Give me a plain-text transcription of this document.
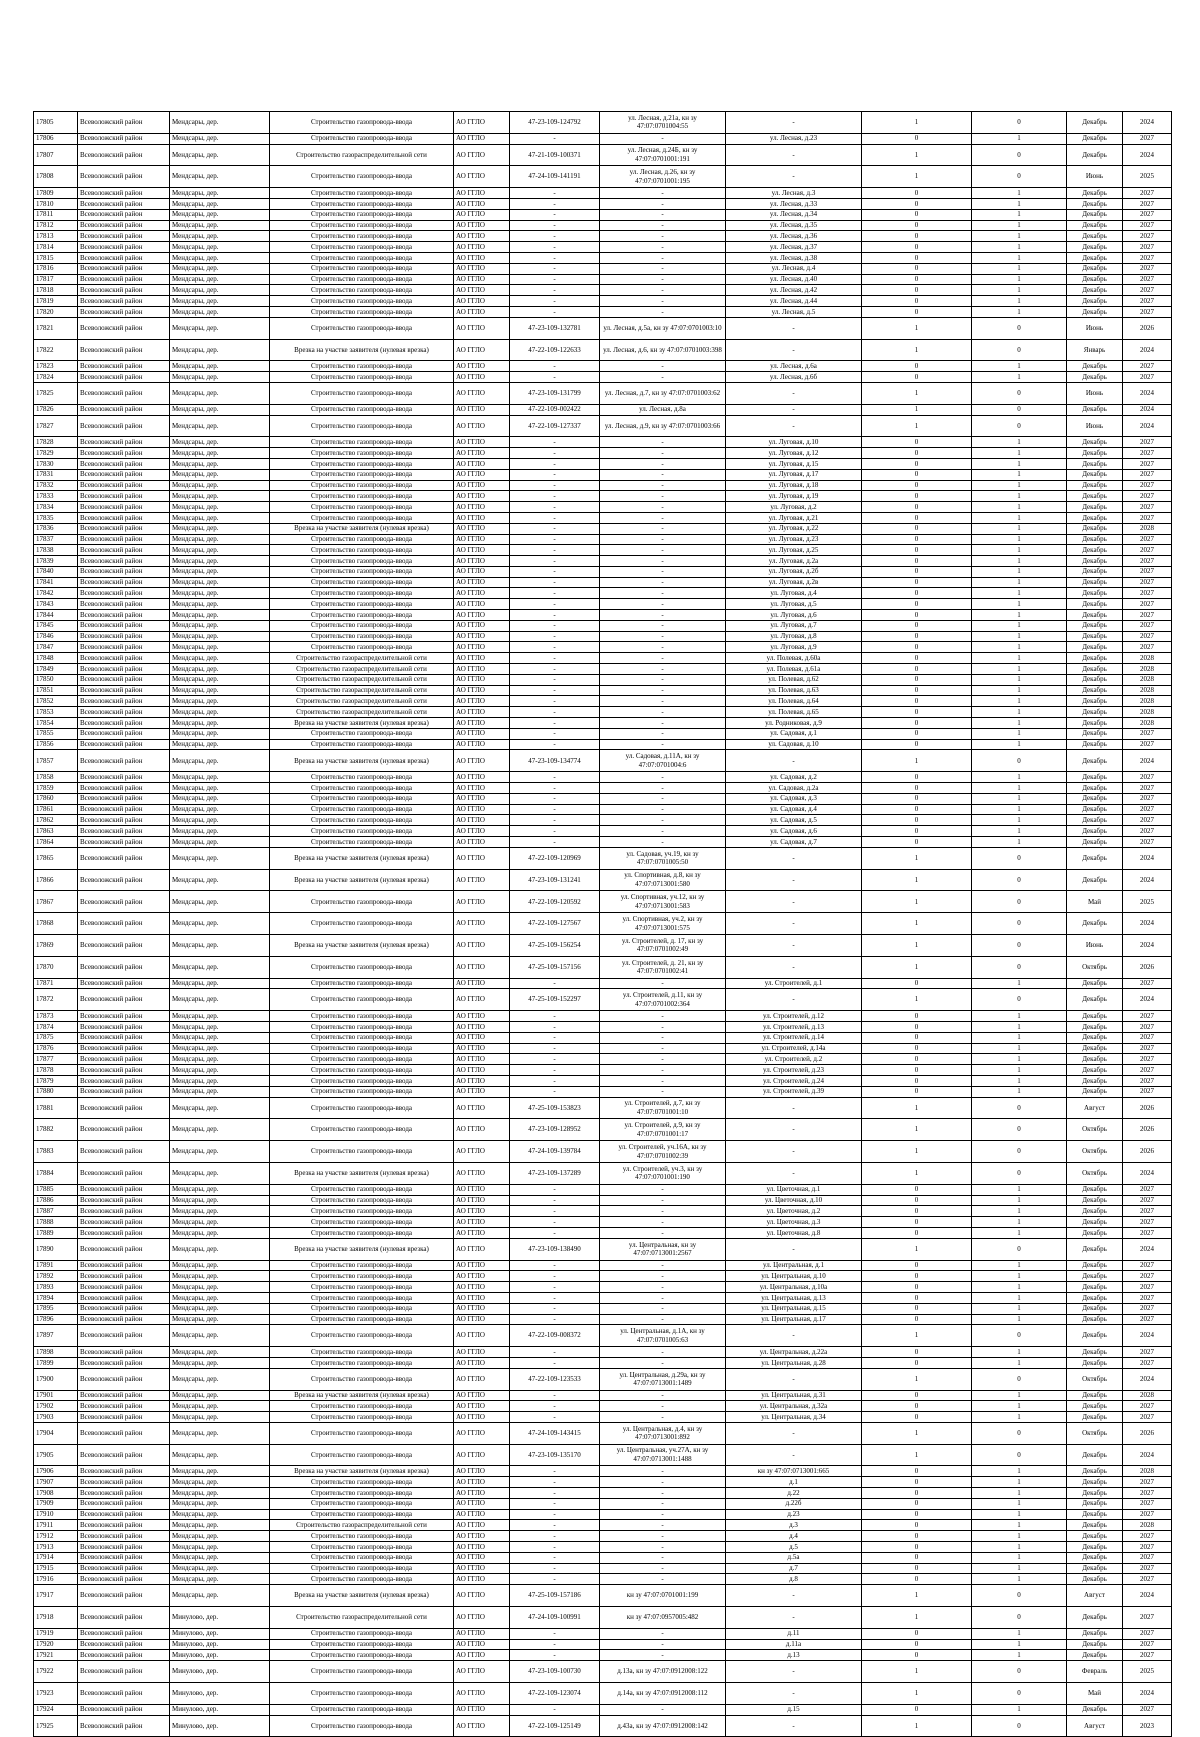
17805	Всеволожский район	Мендсары, дер.	Строительство газопровода-ввода	АО ГГЛО	47-23-109-124792	ул. Лесная, д.21а, кн зу 47:07:0701004:55	-	1	0	Декабрь	2024
17806	Всеволожский район	Мендсары, дер.	Строительство газопровода-ввода	АО ГГЛО	-	-	ул. Лесная, д.23	0	1	Декабрь	2027
17807	Всеволожский район	Мендсары, дер.	Строительство газораспределительной сети	АО ГГЛО	47-21-109-100371	ул. Лесная, д.24Б, кн зу 47:07:0701001:191	-	1	0	Декабрь	2024
17808	Всеволожский район	Мендсары, дер.	Строительство газопровода-ввода	АО ГГЛО	47-24-109-141191	ул. Лесная, д.26, кн зу 47:07:0701001:195	-	1	0	Июнь	2025
17809	Всеволожский район	Мендсары, дер.	Строительство газопровода-ввода	АО ГГЛО	-	-	ул. Лесная, д.3	0	1	Декабрь	2027
17810	Всеволожский район	Мендсары, дер.	Строительство газопровода-ввода	АО ГГЛО	-	-	ул. Лесная, д.33	0	1	Декабрь	2027
17811	Всеволожский район	Мендсары, дер.	Строительство газопровода-ввода	АО ГГЛО	-	-	ул. Лесная, д.34	0	1	Декабрь	2027
17812	Всеволожский район	Мендсары, дер.	Строительство газопровода-ввода	АО ГГЛО	-	-	ул. Лесная, д.35	0	1	Декабрь	2027
17813	Всеволожский район	Мендсары, дер.	Строительство газопровода-ввода	АО ГГЛО	-	-	ул. Лесная, д.36	0	1	Декабрь	2027
17814	Всеволожский район	Мендсары, дер.	Строительство газопровода-ввода	АО ГГЛО	-	-	ул. Лесная, д.37	0	1	Декабрь	2027
17815	Всеволожский район	Мендсары, дер.	Строительство газопровода-ввода	АО ГГЛО	-	-	ул. Лесная, д.38	0	1	Декабрь	2027
17816	Всеволожский район	Мендсары, дер.	Строительство газопровода-ввода	АО ГГЛО	-	-	ул. Лесная, д.4	0	1	Декабрь	2027
17817	Всеволожский район	Мендсары, дер.	Строительство газопровода-ввода	АО ГГЛО	-	-	ул. Лесная, д.40	0	1	Декабрь	2027
17818	Всеволожский район	Мендсары, дер.	Строительство газопровода-ввода	АО ГГЛО	-	-	ул. Лесная, д.42	0	1	Декабрь	2027
17819	Всеволожский район	Мендсары, дер.	Строительство газопровода-ввода	АО ГГЛО	-	-	ул. Лесная, д.44	0	1	Декабрь	2027
17820	Всеволожский район	Мендсары, дер.	Строительство газопровода-ввода	АО ГГЛО	-	-	ул. Лесная, д.5	0	1	Декабрь	2027
17821	Всеволожский район	Мендсары, дер.	Строительство газопровода-ввода	АО ГГЛО	47-23-109-132781	ул. Лесная, д.5а, кн зу 47:07:0701003:10	-	1	0	Июнь	2026
17822	Всеволожский район	Мендсары, дер.	Врезка на участке заявителя (нулевая врезка)	АО ГГЛО	47-22-109-122633	ул. Лесная, д.6, кн зу 47:07:0701003:398	-	1	0	Январь	2024
17823	Всеволожский район	Мендсары, дер.	Строительство газопровода-ввода	АО ГГЛО	-	-	ул. Лесная, д.6а	0	1	Декабрь	2027
17824	Всеволожский район	Мендсары, дер.	Строительство газопровода-ввода	АО ГГЛО	-	-	ул. Лесная, д.6б	0	1	Декабрь	2027
17825	Всеволожский район	Мендсары, дер.	Строительство газопровода-ввода	АО ГГЛО	47-23-109-131799	ул. Лесная, д.7, кн зу 47:07:0701003:62	-	1	0	Июнь	2024
17826	Всеволожский район	Мендсары, дер.	Строительство газопровода-ввода	АО ГГЛО	47-22-109-002422	ул. Лесная, д.8а	-	1	0	Декабрь	2024
17827	Всеволожский район	Мендсары, дер.	Строительство газопровода-ввода	АО ГГЛО	47-22-109-127337	ул. Лесная, д.9, кн зу 47:07:0701003:66	-	1	0	Июнь	2024
17828	Всеволожский район	Мендсары, дер.	Строительство газопровода-ввода	АО ГГЛО	-	-	ул. Луговая, д.10	0	1	Декабрь	2027
17829	Всеволожский район	Мендсары, дер.	Строительство газопровода-ввода	АО ГГЛО	-	-	ул. Луговая, д.12	0	1	Декабрь	2027
17830	Всеволожский район	Мендсары, дер.	Строительство газопровода-ввода	АО ГГЛО	-	-	ул. Луговая, д.15	0	1	Декабрь	2027
17831	Всеволожский район	Мендсары, дер.	Строительство газопровода-ввода	АО ГГЛО	-	-	ул. Луговая, д.17	0	1	Декабрь	2027
17832	Всеволожский район	Мендсары, дер.	Строительство газопровода-ввода	АО ГГЛО	-	-	ул. Луговая, д.18	0	1	Декабрь	2027
17833	Всеволожский район	Мендсары, дер.	Строительство газопровода-ввода	АО ГГЛО	-	-	ул. Луговая, д.19	0	1	Декабрь	2027
17834	Всеволожский район	Мендсары, дер.	Строительство газопровода-ввода	АО ГГЛО	-	-	ул. Луговая, д.2	0	1	Декабрь	2027
17835	Всеволожский район	Мендсары, дер.	Строительство газопровода-ввода	АО ГГЛО	-	-	ул. Луговая, д.21	0	1	Декабрь	2027
17836	Всеволожский район	Мендсары, дер.	Врезка на участке заявителя (нулевая врезка)	АО ГГЛО	-	-	ул. Луговая, д.22	0	1	Декабрь	2028
17837	Всеволожский район	Мендсары, дер.	Строительство газопровода-ввода	АО ГГЛО	-	-	ул. Луговая, д.23	0	1	Декабрь	2027
17838	Всеволожский район	Мендсары, дер.	Строительство газопровода-ввода	АО ГГЛО	-	-	ул. Луговая, д.25	0	1	Декабрь	2027
17839	Всеволожский район	Мендсары, дер.	Строительство газопровода-ввода	АО ГГЛО	-	-	ул. Луговая, д.2а	0	1	Декабрь	2027
17840	Всеволожский район	Мендсары, дер.	Строительство газопровода-ввода	АО ГГЛО	-	-	ул. Луговая, д.2б	0	1	Декабрь	2027
17841	Всеволожский район	Мендсары, дер.	Строительство газопровода-ввода	АО ГГЛО	-	-	ул. Луговая, д.2в	0	1	Декабрь	2027
17842	Всеволожский район	Мендсары, дер.	Строительство газопровода-ввода	АО ГГЛО	-	-	ул. Луговая, д.4	0	1	Декабрь	2027
17843	Всеволожский район	Мендсары, дер.	Строительство газопровода-ввода	АО ГГЛО	-	-	ул. Луговая, д.5	0	1	Декабрь	2027
17844	Всеволожский район	Мендсары, дер.	Строительство газопровода-ввода	АО ГГЛО	-	-	ул. Луговая, д.6	0	1	Декабрь	2027
17845	Всеволожский район	Мендсары, дер.	Строительство газопровода-ввода	АО ГГЛО	-	-	ул. Луговая, д.7	0	1	Декабрь	2027
17846	Всеволожский район	Мендсары, дер.	Строительство газопровода-ввода	АО ГГЛО	-	-	ул. Луговая, д.8	0	1	Декабрь	2027
17847	Всеволожский район	Мендсары, дер.	Строительство газопровода-ввода	АО ГГЛО	-	-	ул. Луговая, д.9	0	1	Декабрь	2027
17848	Всеволожский район	Мендсары, дер.	Строительство газораспределительной сети	АО ГГЛО	-	-	ул. Полевая, д.60а	0	1	Декабрь	2028
17849	Всеволожский район	Мендсары, дер.	Строительство газораспределительной сети	АО ГГЛО	-	-	ул. Полевая, д.61а	0	1	Декабрь	2028
17850	Всеволожский район	Мендсары, дер.	Строительство газораспределительной сети	АО ГГЛО	-	-	ул. Полевая, д.62	0	1	Декабрь	2028
17851	Всеволожский район	Мендсары, дер.	Строительство газораспределительной сети	АО ГГЛО	-	-	ул. Полевая, д.63	0	1	Декабрь	2028
17852	Всеволожский район	Мендсары, дер.	Строительство газораспределительной сети	АО ГГЛО	-	-	ул. Полевая, д.64	0	1	Декабрь	2028
17853	Всеволожский район	Мендсары, дер.	Строительство газораспределительной сети	АО ГГЛО	-	-	ул. Полевая, д.65	0	1	Декабрь	2028
17854	Всеволожский район	Мендсары, дер.	Врезка на участке заявителя (нулевая врезка)	АО ГГЛО	-	-	ул. Родниковая, д.9	0	1	Декабрь	2028
17855	Всеволожский район	Мендсары, дер.	Строительство газопровода-ввода	АО ГГЛО	-	-	ул. Садовая, д.1	0	1	Декабрь	2027
17856	Всеволожский район	Мендсары, дер.	Строительство газопровода-ввода	АО ГГЛО	-	-	ул. Садовая, д.10	0	1	Декабрь	2027
17857	Всеволожский район	Мендсары, дер.	Врезка на участке заявителя (нулевая врезка)	АО ГГЛО	47-23-109-134774	ул. Садовая, д.11А, кн зу 47:07:0701004:6	-	1	0	Декабрь	2024
17858	Всеволожский район	Мендсары, дер.	Строительство газопровода-ввода	АО ГГЛО	-	-	ул. Садовая, д.2	0	1	Декабрь	2027
17859	Всеволожский район	Мендсары, дер.	Строительство газопровода-ввода	АО ГГЛО	-	-	ул. Садовая, д.2а	0	1	Декабрь	2027
17860	Всеволожский район	Мендсары, дер.	Строительство газопровода-ввода	АО ГГЛО	-	-	ул. Садовая, д.3	0	1	Декабрь	2027
17861	Всеволожский район	Мендсары, дер.	Строительство газопровода-ввода	АО ГГЛО	-	-	ул. Садовая, д.4	0	1	Декабрь	2027
17862	Всеволожский район	Мендсары, дер.	Строительство газопровода-ввода	АО ГГЛО	-	-	ул. Садовая, д.5	0	1	Декабрь	2027
17863	Всеволожский район	Мендсары, дер.	Строительство газопровода-ввода	АО ГГЛО	-	-	ул. Садовая, д.6	0	1	Декабрь	2027
17864	Всеволожский район	Мендсары, дер.	Строительство газопровода-ввода	АО ГГЛО	-	-	ул. Садовая, д.7	0	1	Декабрь	2027
17865	Всеволожский район	Мендсары, дер.	Врезка на участке заявителя (нулевая врезка)	АО ГГЛО	47-22-109-120969	ул. Садовая, уч.19, кн зу 47:07:0701005:50	-	1	0	Декабрь	2024
17866	Всеволожский район	Мендсары, дер.	Врезка на участке заявителя (нулевая врезка)	АО ГГЛО	47-23-109-131241	ул. Спортивная, д.8, кн зу 47:07:0713001:580	-	1	0	Декабрь	2024
17867	Всеволожский район	Мендсары, дер.	Строительство газопровода-ввода	АО ГГЛО	47-22-109-120592	ул. Спортивная, уч.12, кн зу 47:07:0713001:583	-	1	0	Май	2025
17868	Всеволожский район	Мендсары, дер.	Строительство газопровода-ввода	АО ГГЛО	47-22-109-127567	ул. Спортивная, уч.2, кн зу 47:07:0713001:575	-	1	0	Декабрь	2024
17869	Всеволожский район	Мендсары, дер.	Врезка на участке заявителя (нулевая врезка)	АО ГГЛО	47-25-109-156254	ул. Строителей, д. 17, кн зу 47:07:0701002:49	-	1	0	Июнь	2024
17870	Всеволожский район	Мендсары, дер.	Строительство газопровода-ввода	АО ГГЛО	47-25-109-157156	ул. Строителей, д. 21, кн зу 47:07:0701002:41	-	1	0	Октябрь	2026
17871	Всеволожский район	Мендсары, дер.	Строительство газопровода-ввода	АО ГГЛО	-	-	ул. Строителей, д.1	0	1	Декабрь	2027
17872	Всеволожский район	Мендсары, дер.	Строительство газопровода-ввода	АО ГГЛО	47-25-109-152297	ул. Строителей, д.11, кн зу 47:07:0701002:364	-	1	0	Декабрь	2024
17873	Всеволожский район	Мендсары, дер.	Строительство газопровода-ввода	АО ГГЛО	-	-	ул. Строителей, д.12	0	1	Декабрь	2027
17874	Всеволожский район	Мендсары, дер.	Строительство газопровода-ввода	АО ГГЛО	-	-	ул. Строителей, д.13	0	1	Декабрь	2027
17875	Всеволожский район	Мендсары, дер.	Строительство газопровода-ввода	АО ГГЛО	-	-	ул. Строителей, д.14	0	1	Декабрь	2027
17876	Всеволожский район	Мендсары, дер.	Строительство газопровода-ввода	АО ГГЛО	-	-	ул. Строителей, д.14а	0	1	Декабрь	2027
17877	Всеволожский район	Мендсары, дер.	Строительство газопровода-ввода	АО ГГЛО	-	-	ул. Строителей, д.2	0	1	Декабрь	2027
17878	Всеволожский район	Мендсары, дер.	Строительство газопровода-ввода	АО ГГЛО	-	-	ул. Строителей, д.23	0	1	Декабрь	2027
17879	Всеволожский район	Мендсары, дер.	Строительство газопровода-ввода	АО ГГЛО	-	-	ул. Строителей, д.24	0	1	Декабрь	2027
17880	Всеволожский район	Мендсары, дер.	Строительство газопровода-ввода	АО ГГЛО	-	-	ул. Строителей, д.39	0	1	Декабрь	2027
17881	Всеволожский район	Мендсары, дер.	Строительство газопровода-ввода	АО ГГЛО	47-25-109-153823	ул. Строителей, д.7, кн зу 47:07:0701001:10	-	1	0	Август	2026
17882	Всеволожский район	Мендсары, дер.	Строительство газопровода-ввода	АО ГГЛО	47-23-109-128952	ул. Строителей, д.9, кн зу 47:07:0701001:17	-	1	0	Октябрь	2026
17883	Всеволожский район	Мендсары, дер.	Строительство газопровода-ввода	АО ГГЛО	47-24-109-139784	ул. Строителей, уч.16А, кн зу 47:07:0701002:39	-	1	0	Октябрь	2026
17884	Всеволожский район	Мендсары, дер.	Врезка на участке заявителя (нулевая врезка)	АО ГГЛО	47-23-109-137289	ул. Строителей, уч.3, кн зу 47:07:0701001:190	-	1	0	Октябрь	2024
17885	Всеволожский район	Мендсары, дер.	Строительство газопровода-ввода	АО ГГЛО	-	-	ул. Цветочная, д.1	0	1	Декабрь	2027
17886	Всеволожский район	Мендсары, дер.	Строительство газопровода-ввода	АО ГГЛО	-	-	ул. Цветочная, д.10	0	1	Декабрь	2027
17887	Всеволожский район	Мендсары, дер.	Строительство газопровода-ввода	АО ГГЛО	-	-	ул. Цветочная, д.2	0	1	Декабрь	2027
17888	Всеволожский район	Мендсары, дер.	Строительство газопровода-ввода	АО ГГЛО	-	-	ул. Цветочная, д.3	0	1	Декабрь	2027
17889	Всеволожский район	Мендсары, дер.	Строительство газопровода-ввода	АО ГГЛО	-	-	ул. Цветочная, д.8	0	1	Декабрь	2027
17890	Всеволожский район	Мендсары, дер.	Врезка на участке заявителя (нулевая врезка)	АО ГГЛО	47-23-109-138490	ул. Центральная, кн зу 47:07:0713001:2567	-	1	0	Декабрь	2024
17891	Всеволожский район	Мендсары, дер.	Строительство газопровода-ввода	АО ГГЛО	-	-	ул. Центральная, д.1	0	1	Декабрь	2027
17892	Всеволожский район	Мендсары, дер.	Строительство газопровода-ввода	АО ГГЛО	-	-	ул. Центральная, д.10	0	1	Декабрь	2027
17893	Всеволожский район	Мендсары, дер.	Строительство газопровода-ввода	АО ГГЛО	-	-	ул. Центральная, д.10а	0	1	Декабрь	2027
17894	Всеволожский район	Мендсары, дер.	Строительство газопровода-ввода	АО ГГЛО	-	-	ул. Центральная, д.13	0	1	Декабрь	2027
17895	Всеволожский район	Мендсары, дер.	Строительство газопровода-ввода	АО ГГЛО	-	-	ул. Центральная, д.15	0	1	Декабрь	2027
17896	Всеволожский район	Мендсары, дер.	Строительство газопровода-ввода	АО ГГЛО	-	-	ул. Центральная, д.17	0	1	Декабрь	2027
17897	Всеволожский район	Мендсары, дер.	Строительство газопровода-ввода	АО ГГЛО	47-22-109-008372	ул. Центральная, д.1А, кн зу 47:07:0701005:63	-	1	0	Декабрь	2024
17898	Всеволожский район	Мендсары, дер.	Строительство газопровода-ввода	АО ГГЛО	-	-	ул. Центральная, д.22а	0	1	Декабрь	2027
17899	Всеволожский район	Мендсары, дер.	Строительство газопровода-ввода	АО ГГЛО	-	-	ул. Центральная, д.28	0	1	Декабрь	2027
17900	Всеволожский район	Мендсары, дер.	Строительство газопровода-ввода	АО ГГЛО	47-22-109-123533	ул. Центральная, д.29а, кн зу 47:07:0713001:1489	-	1	0	Октябрь	2024
17901	Всеволожский район	Мендсары, дер.	Врезка на участке заявителя (нулевая врезка)	АО ГГЛО	-	-	ул. Центральная, д.31	0	1	Декабрь	2028
17902	Всеволожский район	Мендсары, дер.	Строительство газопровода-ввода	АО ГГЛО	-	-	ул. Центральная, д.32а	0	1	Декабрь	2027
17903	Всеволожский район	Мендсары, дер.	Строительство газопровода-ввода	АО ГГЛО	-	-	ул. Центральная, д.34	0	1	Декабрь	2027
17904	Всеволожский район	Мендсары, дер.	Строительство газопровода-ввода	АО ГГЛО	47-24-109-143415	ул. Центральная, д.4, кн зу 47:07:0713001:892	-	1	0	Октябрь	2026
17905	Всеволожский район	Мендсары, дер.	Строительство газопровода-ввода	АО ГГЛО	47-23-109-135170	ул. Центральная, уч.27А, кн зу 47:07:0713001:1488	-	1	0	Декабрь	2024
17906	Всеволожский район	Мендсары, дер.	Врезка на участке заявителя (нулевая врезка)	АО ГГЛО	-	-	кн зу 47:07:0713001:665	0	1	Декабрь	2028
17907	Всеволожский район	Мендсары, дер.	Строительство газопровода-ввода	АО ГГЛО	-	-	д.1	0	1	Декабрь	2027
17908	Всеволожский район	Мендсары, дер.	Строительство газопровода-ввода	АО ГГЛО	-	-	д.22	0	1	Декабрь	2027
17909	Всеволожский район	Мендсары, дер.	Строительство газопровода-ввода	АО ГГЛО	-	-	д.22б	0	1	Декабрь	2027
17910	Всеволожский район	Мендсары, дер.	Строительство газопровода-ввода	АО ГГЛО	-	-	д.23	0	1	Декабрь	2027
17911	Всеволожский район	Мендсары, дер.	Строительство газораспределительной сети	АО ГГЛО	-	-	д.3	0	1	Декабрь	2028
17912	Всеволожский район	Мендсары, дер.	Строительство газопровода-ввода	АО ГГЛО	-	-	д.4	0	1	Декабрь	2027
17913	Всеволожский район	Мендсары, дер.	Строительство газопровода-ввода	АО ГГЛО	-	-	д.5	0	1	Декабрь	2027
17914	Всеволожский район	Мендсары, дер.	Строительство газопровода-ввода	АО ГГЛО	-	-	д.5а	0	1	Декабрь	2027
17915	Всеволожский район	Мендсары, дер.	Строительство газопровода-ввода	АО ГГЛО	-	-	д.7	0	1	Декабрь	2027
17916	Всеволожский район	Мендсары, дер.	Строительство газопровода-ввода	АО ГГЛО	-	-	д.8	0	1	Декабрь	2027
17917	Всеволожский район	Мендсары, дер.	Врезка на участке заявителя (нулевая врезка)	АО ГГЛО	47-25-109-157186	кн зу 47:07:0701001:199	-	1	0	Август	2024
17918	Всеволожский район	Минулово, дер.	Строительство газораспределительной сети	АО ГГЛО	47-24-109-100991	кн зу 47:07:0957005:482	-	1	0	Декабрь	2027
17919	Всеволожский район	Минулово, дер.	Строительство газопровода-ввода	АО ГГЛО	-	-	д.11	0	1	Декабрь	2027
17920	Всеволожский район	Минулово, дер.	Строительство газопровода-ввода	АО ГГЛО	-	-	д.11а	0	1	Декабрь	2027
17921	Всеволожский район	Минулово, дер.	Строительство газопровода-ввода	АО ГГЛО	-	-	д.13	0	1	Декабрь	2027
17922	Всеволожский район	Минулово, дер.	Строительство газопровода-ввода	АО ГГЛО	47-23-109-100730	д.13а, кн зу 47:07:0912008:122	-	1	0	Февраль	2025
17923	Всеволожский район	Минулово, дер.	Строительство газопровода-ввода	АО ГГЛО	47-22-109-123074	д.14а, кн зу 47:07:0912008:112	-	1	0	Май	2024
17924	Всеволожский район	Минулово, дер.	Строительство газопровода-ввода	АО ГГЛО	-	-	д.15	0	1	Декабрь	2027
17925	Всеволожский район	Минулово, дер.	Строительство газопровода-ввода	АО ГГЛО	47-22-109-125149	д.43а, кн зу 47:07:0912008:142	-	1	0	Август	2023
